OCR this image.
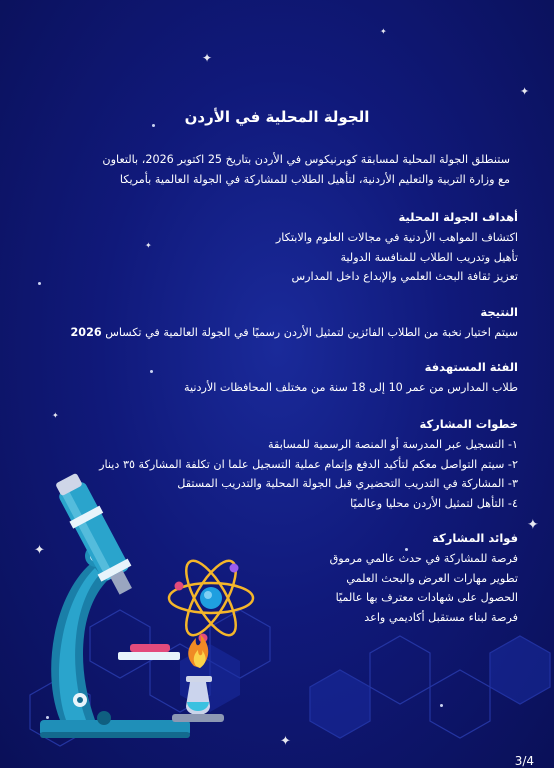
✦
✦
✦
✦
✦
✦
✦
✦
الجولة المحلية في الأردن
ستنطلق الجولة المحلية لمسابقة كوبرنيكوس في الأردن بتاريخ 25 اكتوبر 2026، بالتعاون
مع وزارة التربية والتعليم الأردنية، لتأهيل الطلاب للمشاركة في الجولة العالمية بأمريكا
أهداف الجولة المحلية
اكتشاف المواهب الأردنية في مجالات العلوم والابتكار
تأهيل وتدريب الطلاب للمنافسة الدولية
تعزيز ثقافة البحث العلمي والإبداع داخل المدارس
النتيجة
سيتم اختيار نخبة من الطلاب الفائزين لتمثيل الأردن رسميًا في الجولة العالمية في تكساس 2026
الفئة المستهدفة
طلاب المدارس من عمر 10 إلى 18 سنة من مختلف المحافظات الأردنية
خطوات المشاركة
١- التسجيل عبر المدرسة أو المنصة الرسمية للمسابقة
٢- سيتم التواصل معكم لتأكيد الدفع وإتمام عملية التسجيل علما ان تكلفة المشاركة ٣٥ دينار
٣- المشاركة في التدريب التحضيري قبل الجولة المحلية والتدريب المستقل
٤- التأهل لتمثيل الأردن محليا وعالميًا
فوائد المشاركة
فرصة للمشاركة في حدث عالمي مرموق
تطوير مهارات العرض والبحث العلمي
الحصول على شهادات معترف بها عالميًا
فرصة لبناء مستقبل أكاديمي واعد
3/4
